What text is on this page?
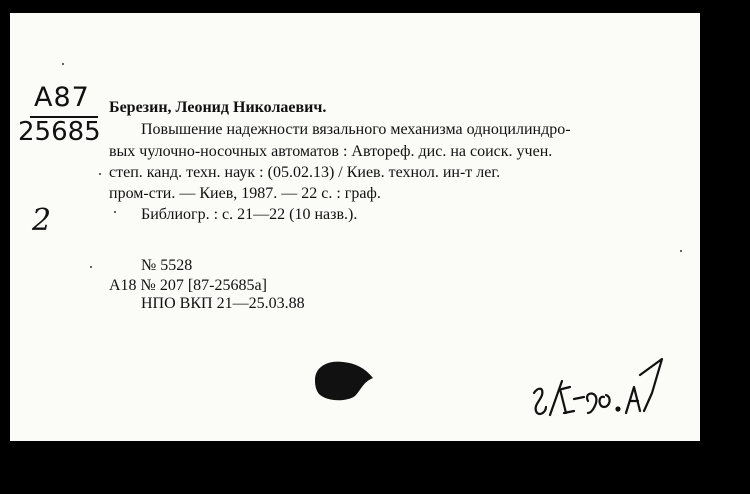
А87
25685
2
Березин, Леонид Николаевич.
Повышение надежности вязального механизма одноцилиндро-
вых чулочно-носочных автоматов : Автореф. дис. на соиск. учен.
степ. канд. техн. наук : (05.02.13) / Киев. технол. ин-т лег.
пром-сти. — Киев, 1987. — 22 с. : граф.
Библиогр. : с. 21—22 (10 назв.).
№ 5528
А18 № 207 [87-25685а]
НПО ВКП 21—25.03.88
